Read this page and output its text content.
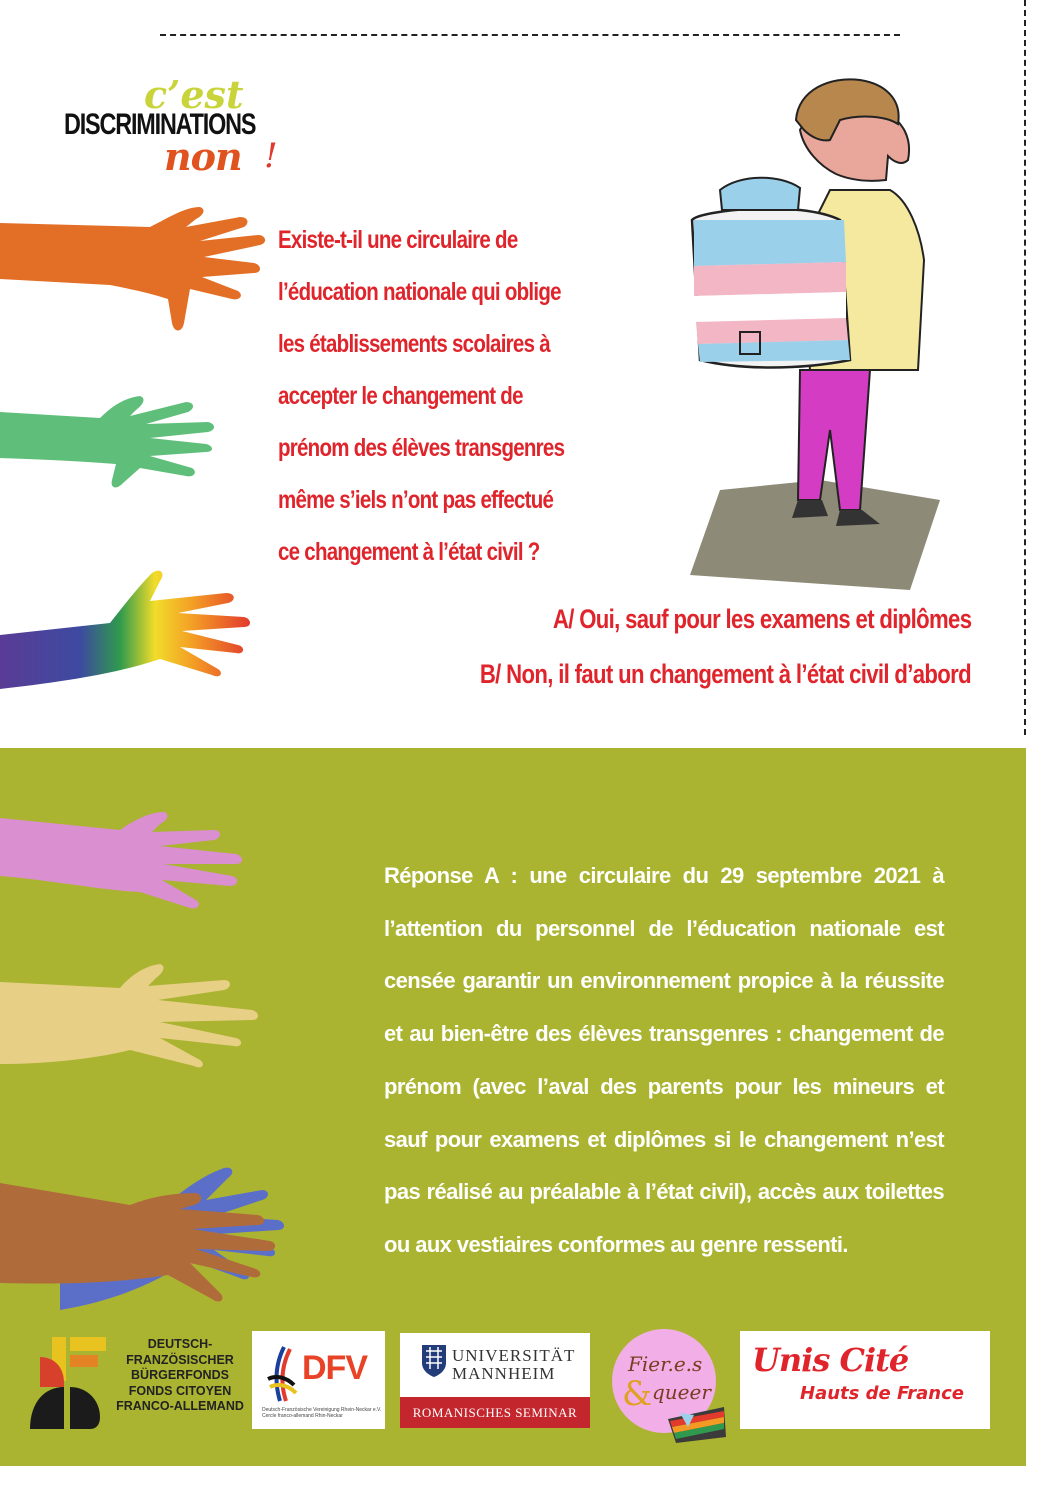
c’est
DISCRIMINATIONS
non !
Existe-t-il une circulaire de
l’éducation nationale qui oblige
les établissements scolaires à
accepter le changement de
prénom des élèves transgenres
même s’iels n’ont pas effectué
ce changement à l’état civil ?
A/ Oui, sauf pour les examens et diplômes
B/ Non, il faut un changement à l’état civil d’abord
Réponse A : une circulaire du 29 septembre 2021 à l’attention du personnel de l’éducation nationale est censée garantir un environnement propice à la réussite et au bien-être des élèves transgenres : changement de prénom (avec l’aval des parents pour les mineurs et sauf pour examens et diplômes si le changement n’est pas réalisé au préalable à l’état civil), accès aux toilettes ou aux vestiaires conformes au genre ressenti.
DEUTSCH-
FRANZÖSISCHER
BÜRGERFONDS
FONDS CITOYEN
FRANCO-ALLEMAND
DFV
Deutsch-Französische Vereinigung Rhein-Neckar e.V. Cercle franco-allemand Rhin-Neckar
UNIVERSITÄT
MANNHEIM
ROMANISCHES SEMINAR
Fier.e.s
& queer
Unis Cité
Hauts de France
